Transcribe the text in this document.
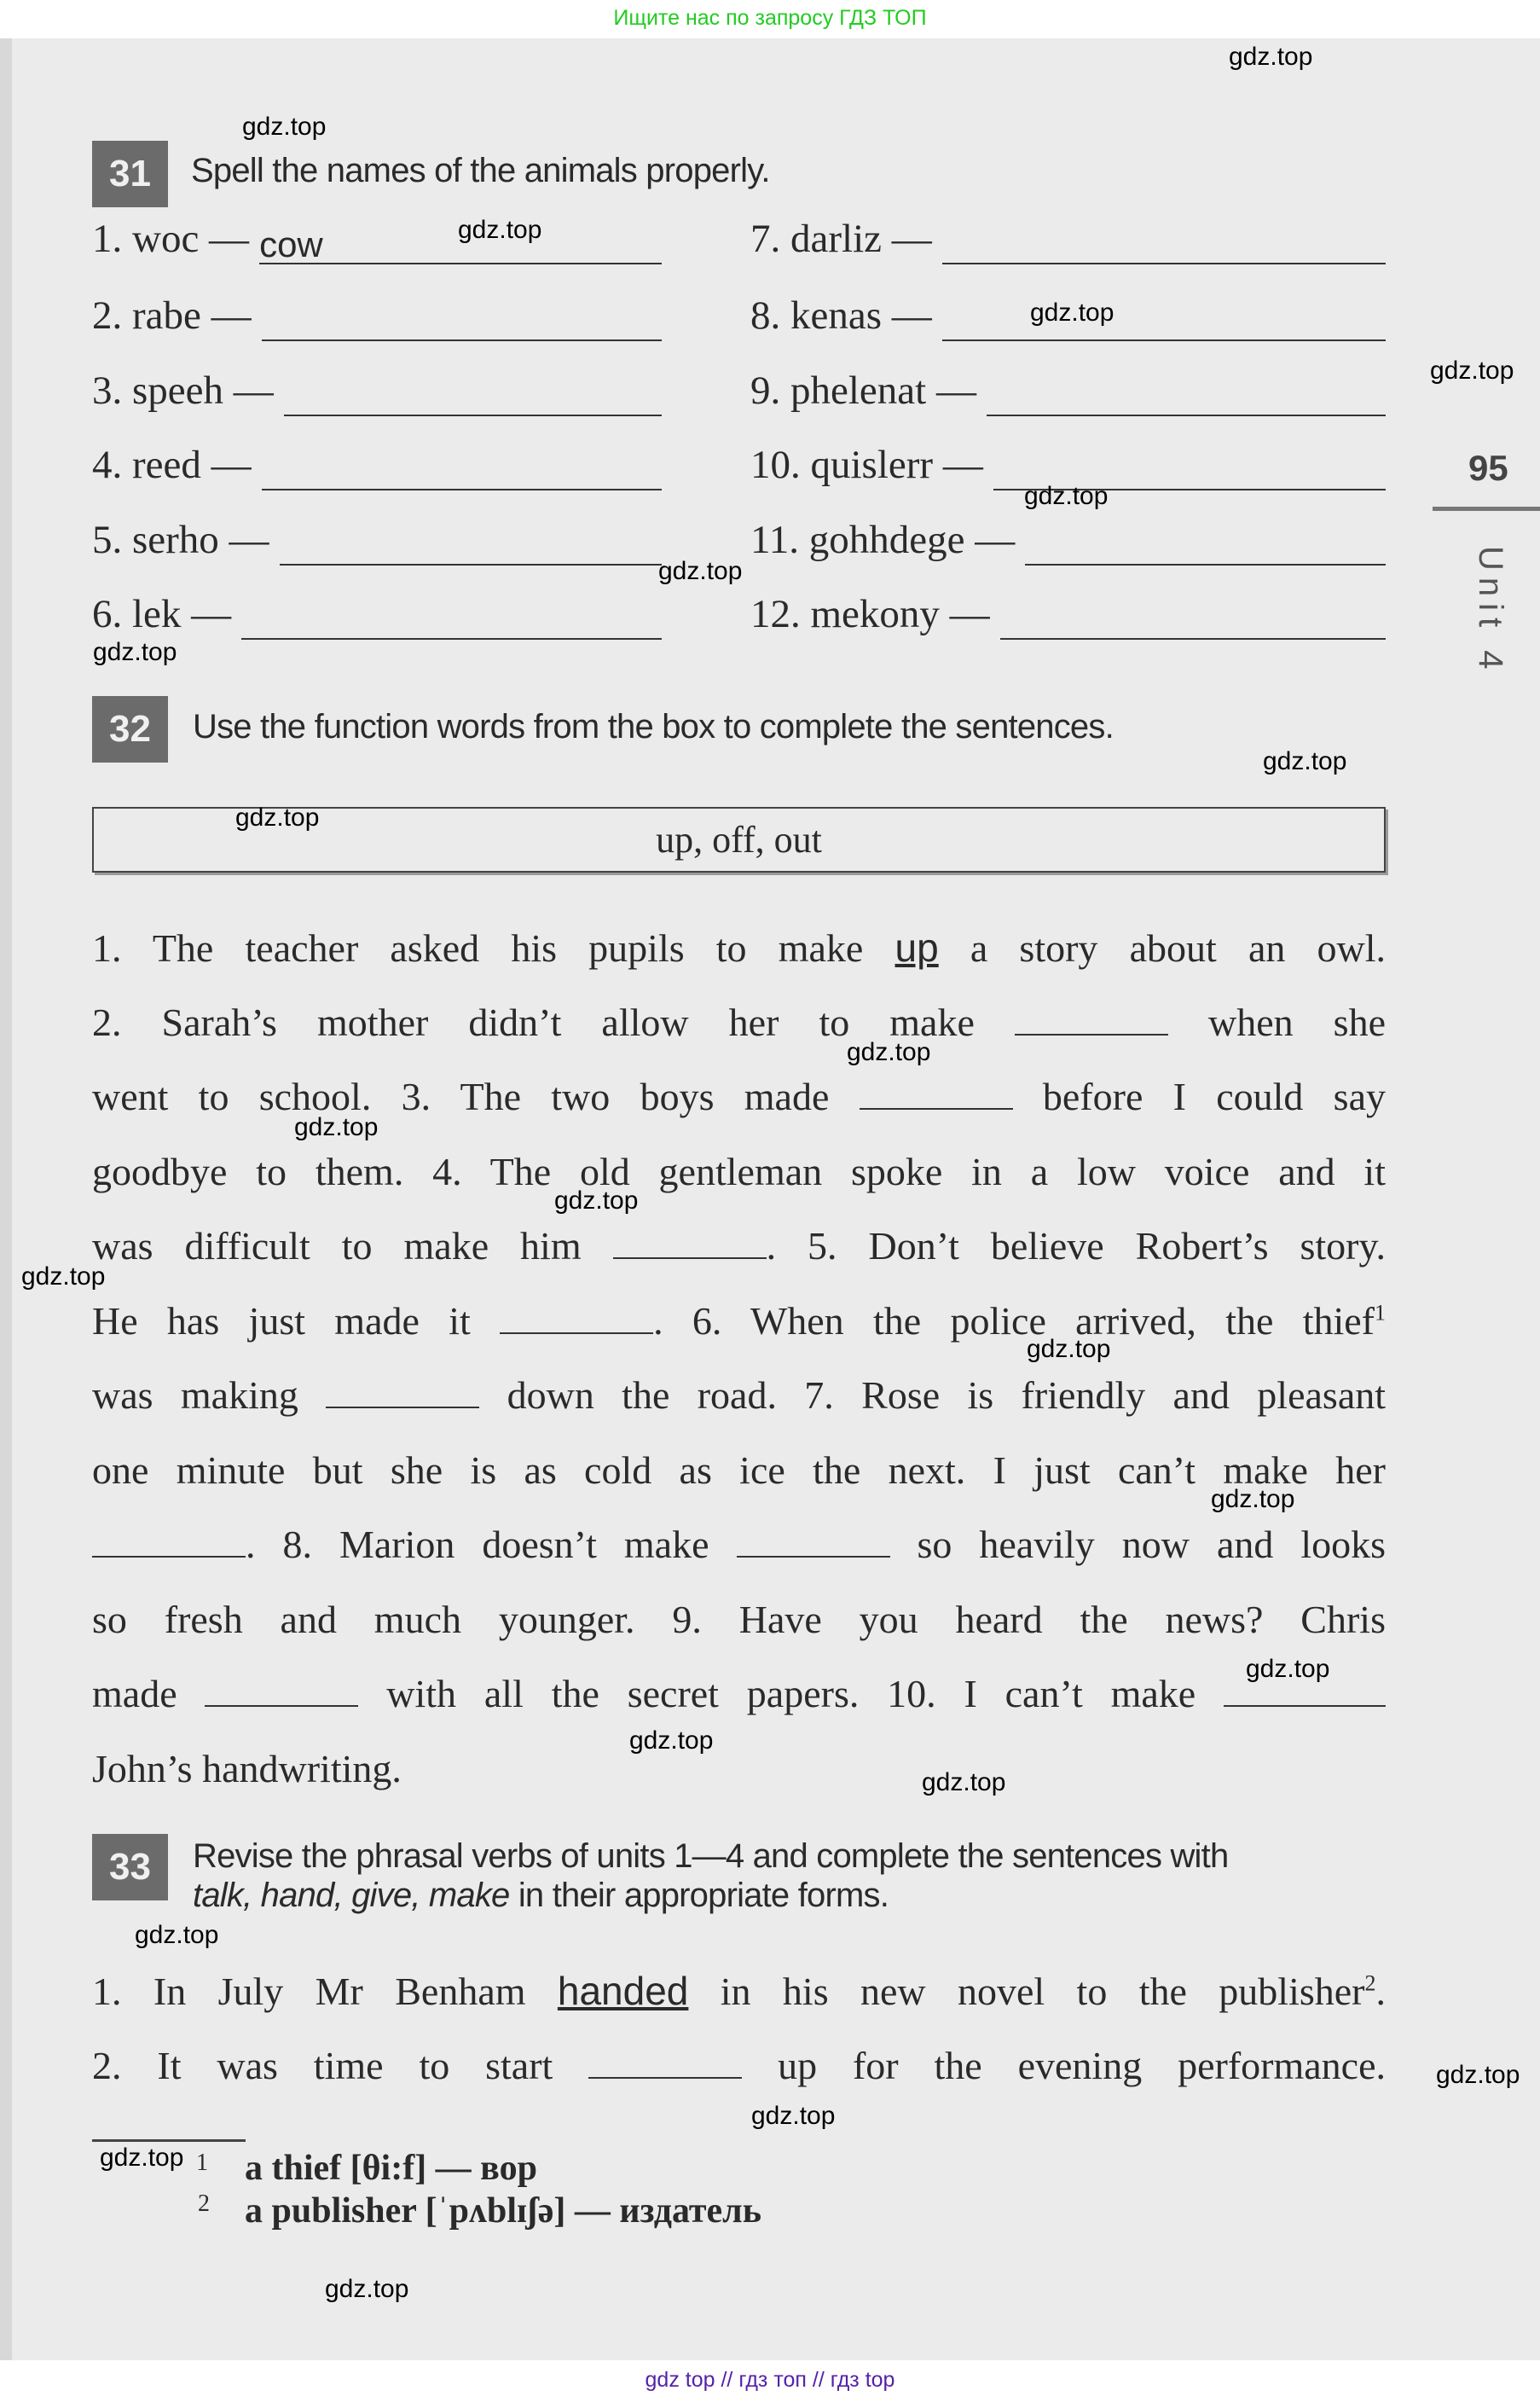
Ищите нас по запросу ГДЗ ТОП
gdz.top
31	Spell the names of the animals properly.
1. woc — cow
2. rabe —
3. speeh —
4. reed —
5. serho —
6. lek —
7. darliz —
8. kenas —
9. phelenat —
10. quislerr —
11. gohhdege —
12. mekony —
95
Unit 4
32	Use the function words from the box to complete the sentences.
up, off, out
1. The teacher asked his pupils to make up a story about an owl.
2. Sarah’s mother didn’t allow her to make	when she
went to school. 3. The two boys made	before I could say
goodbye to them. 4. The old gentleman spoke in a low voice and it
was difficult to make him	. 5. Don’t believe Robert’s story.
He has just made it	. 6. When the police arrived, the thief$^1$
was making	down the road. 7. Rose is friendly and pleasant
one minute but she is as cold as ice the next. I just can’t make her
. 8. Marion doesn’t make	so heavily now and looks
so fresh and much younger. 9. Have you heard the news? Chris
made	with all the secret papers. 10. I can’t make
John’s handwriting.
33	Revise the phrasal verbs of units 1—4 and complete the sentences with
talk, hand, give, make in their appropriate forms.
1. In July Mr Benham handed in his new novel to the publisher$^2$.
2. It was time to start	up for the evening performance.
1 a thief [θi:f] — вор
2 a publisher [ˈpʌblɪʃə] — издатель
gdz.top
gdz.top
gdz.top
gdz.top
gdz.top
gdz.top
gdz.top
gdz.top
gdz.top
gdz.top
gdz.top
gdz.top
gdz.top
gdz.top
gdz.top
gdz.top
gdz.top
gdz.top
gdz.top
gdz.top
gdz.top
gdz.top
gdz.top
gdz top // гдз топ // гдз top
